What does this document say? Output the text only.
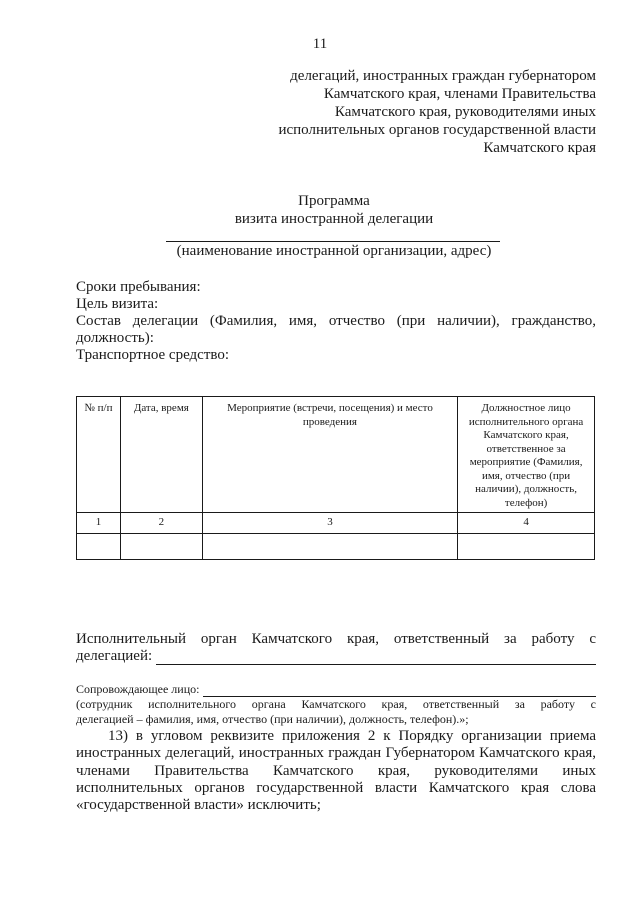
11
делегаций, иностранных граждан губернатором
Камчатского края, членами Правительства
Камчатского края, руководителями иных
исполнительных органов государственной власти
Камчатского края
Программа
визита иностранной делегации
(наименование иностранной организации, адрес)
Сроки пребывания:
Цель визита:
Состав делегации (Фамилия, имя, отчество (при наличии), гражданство,
должность):
Транспортное средство:
№ п/п	Дата, время	Мероприятие (встречи, посещения) и место проведения	Должностное лицо исполнительного органа Камчатского края, ответственное за мероприятие (Фамилия, имя, отчество (при наличии), должность, телефон)
1	2	3	4

Исполнительный орган Камчатского края, ответственный за работу с
делегацией:
Сопровождающее лицо:
(сотрудник исполнительного органа Камчатского края, ответственный за работу с
делегацией – фамилия, имя, отчество (при наличии), должность, телефон).»;
13) в угловом реквизите приложения 2 к Порядку организации приема
иностранных делегаций, иностранных граждан Губернатором Камчатского края,
членами Правительства Камчатского края, руководителями иных
исполнительных органов государственной власти Камчатского края слова
«государственной власти» исключить;
